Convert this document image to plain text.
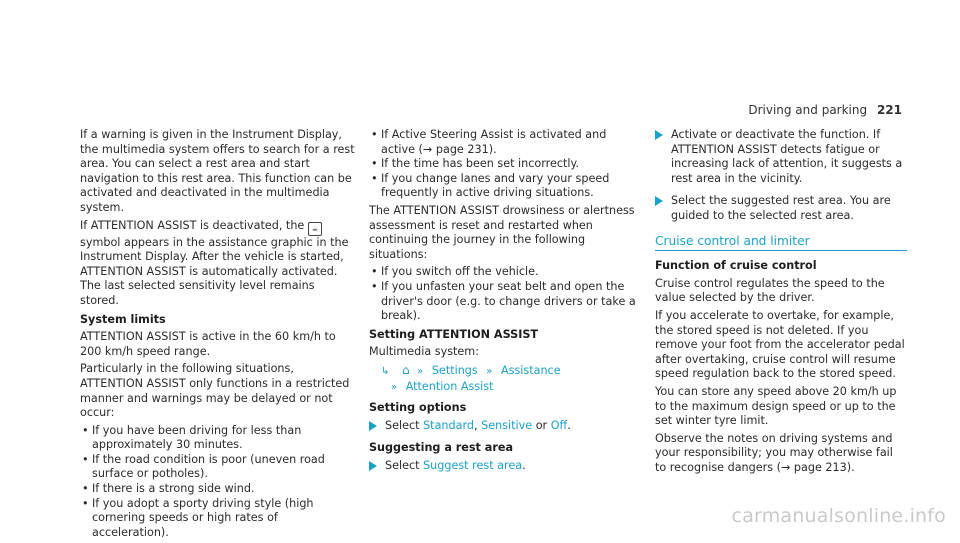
Driving and parking 221

If a warning is given in the Instrument Display, the multimedia system offers to search for a rest area. You can select a rest area and start navigation to this rest area. This function can be activated and deactivated in the multimedia system.

If ATTENTION ASSIST is deactivated, the ☕ symbol appears in the assistance graphic in the Instrument Display. After the vehicle is started, ATTENTION ASSIST is automatically activated. The last selected sensitivity level remains stored.

System limits

ATTENTION ASSIST is active in the 60 km/h to 200 km/h speed range.

Particularly in the following situations, ATTENTION ASSIST only functions in a restricted manner and warnings may be delayed or not occur:

• If you have been driving for less than approximately 30 minutes.
• If the road condition is poor (uneven road surface or potholes).
• If there is a strong side wind.
• If you adopt a sporty driving style (high cornering speeds or high rates of acceleration).
• If Active Steering Assist is activated and active (→ page 231).
• If the time has been set incorrectly.
• If you change lanes and vary your speed frequently in active driving situations.

The ATTENTION ASSIST drowsiness or alertness assessment is reset and restarted when continuing the journey in the following situations:

• If you switch off the vehicle.
• If you unfasten your seat belt and open the driver's door (e.g. to change drivers or take a break).

Setting ATTENTION ASSIST

Multimedia system:

↳ ⌂ » Settings » Assistance
» Attention Assist

Setting options

Select Standard, Sensitive or Off.

Suggesting a rest area

Select Suggest rest area.
Activate or deactivate the function. If ATTENTION ASSIST detects fatigue or increasing lack of attention, it suggests a rest area in the vicinity.
Select the suggested rest area. You are guided to the selected rest area.
Cruise control and limiter

Function of cruise control

Cruise control regulates the speed to the value selected by the driver.

If you accelerate to overtake, for example, the stored speed is not deleted. If you remove your foot from the accelerator pedal after overtaking, cruise control will resume speed regulation back to the stored speed.

You can store any speed above 20 km/h up to the maximum design speed or up to the set winter tyre limit.

Observe the notes on driving systems and your responsibility; you may otherwise fail to recognise dangers (→ page 213).

carmanualsonline.info
